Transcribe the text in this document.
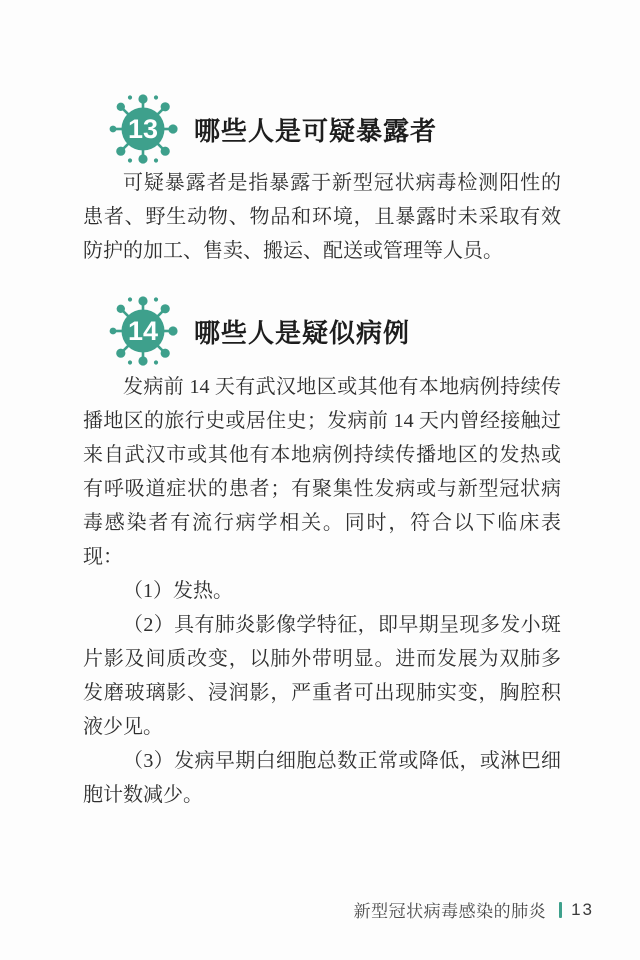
13 哪些人是可疑暴露者

可疑暴露者是指暴露于新型冠状病毒检测阳性的患者、野生动物、物品和环境，且暴露时未采取有效防护的加工、售卖、搬运、配送或管理等人员。

14 哪些人是疑似病例

发病前 14 天有武汉地区或其他有本地病例持续传播地区的旅行史或居住史；发病前 14 天内曾经接触过来自武汉市或其他有本地病例持续传播地区的发热或有呼吸道症状的患者；有聚集性发病或与新型冠状病毒感染者有流行病学相关。同时，符合以下临床表现：

（1）发热。

（2）具有肺炎影像学特征，即早期呈现多发小斑片影及间质改变，以肺外带明显。进而发展为双肺多发磨玻璃影、浸润影，严重者可出现肺实变，胸腔积液少见。

（3）发病早期白细胞总数正常或降低，或淋巴细胞计数减少。

新型冠状病毒感染的肺炎 13
